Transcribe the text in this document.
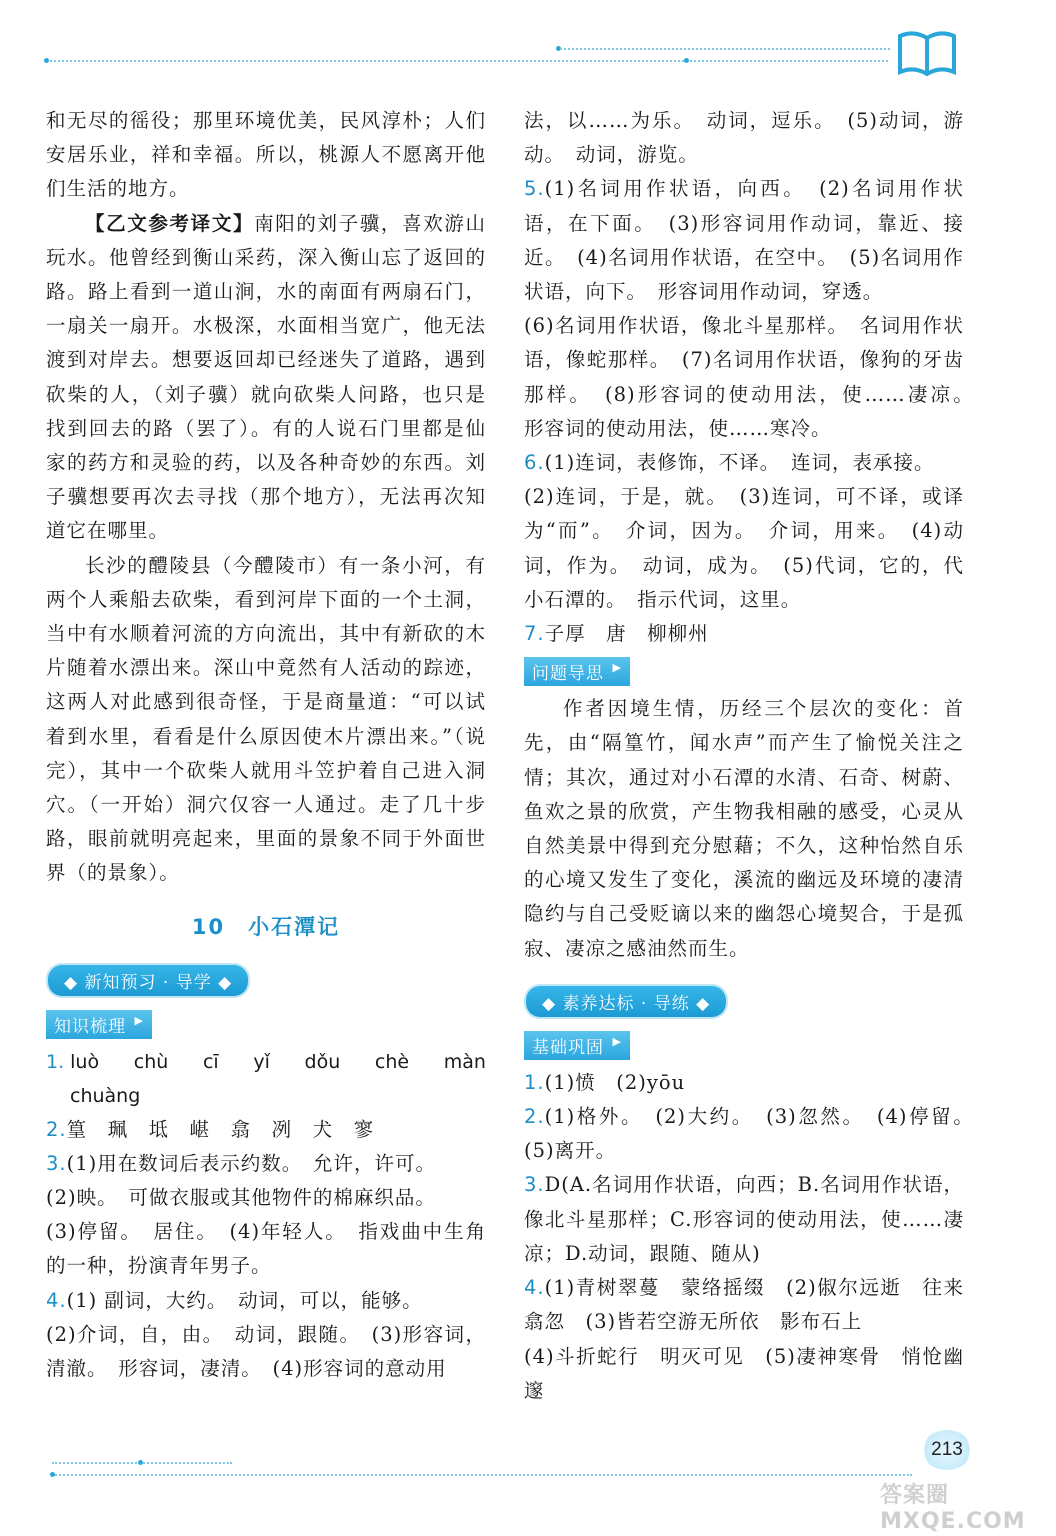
和无尽的徭役；那里环境优美，民风淳朴；人们安居乐业，祥和幸福。所以，桃源人不愿离开他们生活的地方。

【乙文参考译文】南阳的刘子骥，喜欢游山玩水。他曾经到衡山采药，深入衡山忘了返回的路。路上看到一道山涧，水的南面有两扇石门，一扇关一扇开。水极深，水面相当宽广，他无法渡到对岸去。想要返回却已经迷失了道路，遇到砍柴的人，（刘子骥）就向砍柴人问路，也只是找到回去的路（罢了）。有的人说石门里都是仙家的药方和灵验的药，以及各种奇妙的东西。刘子骥想要再次去寻找（那个地方），无法再次知道它在哪里。

长沙的醴陵县（今醴陵市）有一条小河，有两个人乘船去砍柴，看到河岸下面的一个土洞，当中有水顺着河流的方向流出，其中有新砍的木片随着水漂出来。深山中竟然有人活动的踪迹，这两人对此感到很奇怪，于是商量道：“可以试着到水里，看看是什么原因使木片漂出来。”（说完），其中一个砍柴人就用斗笠护着自己进入洞穴。（一开始）洞穴仅容一人通过。走了几十步路，眼前就明亮起来，里面的景象不同于外面世界（的景象）。

10　小石潭记
◆ 新知预习 · 导学 ◆
知识梳理 ▶
1. luò chù cī yǐ dǒu chè màn
chuàng

2.篁　珮　坻　嵁　翕　冽　犬　寥

3.(1)用在数词后表示约数。　允许，许可。

(2)映。　可做衣服或其他物件的棉麻织品。

(3)停留。　居住。　(4)年轻人。　指戏曲中生角的一种，扮演青年男子。

4.(1) 副词，大约。　动词，可以，能够。

(2)介词，自，由。　动词，跟随。　(3)形容词，清澈。　形容词，凄清。　(4)形容词的意动用

法，以……为乐。　动词，逗乐。　(5)动词，游动。　动词，游览。

5.(1)名词用作状语，向西。　(2)名词用作状语，在下面。　(3)形容词用作动词，靠近、接近。　(4)名词用作状语，在空中。　(5)名词用作状语，向下。　形容词用作动词，穿透。

(6)名词用作状语，像北斗星那样。　名词用作状语，像蛇那样。　(7)名词用作状语，像狗的牙齿那样。　(8)形容词的使动用法，使……凄凉。　形容词的使动用法，使……寒冷。

6.(1)连词，表修饰，不译。　连词，表承接。

(2)连词，于是，就。　(3)连词，可不译，或译为“而”。　介词，因为。　介词，用来。　(4)动词，作为。　动词，成为。　(5)代词，它的，代小石潭的。　指示代词，这里。

7.子厚　唐　柳柳州

问题导思 ▶

作者因境生情，历经三个层次的变化：首先，由“隔篁竹，闻水声”而产生了愉悦关注之情；其次，通过对小石潭的水清、石奇、树蔚、鱼欢之景的欣赏，产生物我相融的感受，心灵从自然美景中得到充分慰藉；不久，这种怡然自乐的心境又发生了变化，溪流的幽远及环境的凄清隐约与自己受贬谪以来的幽怨心境契合，于是孤寂、凄凉之感油然而生。

◆ 素养达标 · 导练 ◆
基础巩固 ▶

1.(1)愤　(2)yōu

2.(1)格外。　(2)大约。　(3)忽然。　(4)停留。　(5)离开。

3.D(A.名词用作状语，向西；B.名词用作状语，像北斗星那样；C.形容词的使动用法，使……凄凉；D.动词，跟随、随从)

4.(1)青树翠蔓　蒙络摇缀　(2)俶尔远逝　往来翕忽　(3)皆若空游无所依　影布石上

(4)斗折蛇行　明灭可见　(5)凄神寒骨　悄怆幽邃

213
答案圈 MXQE.COM
